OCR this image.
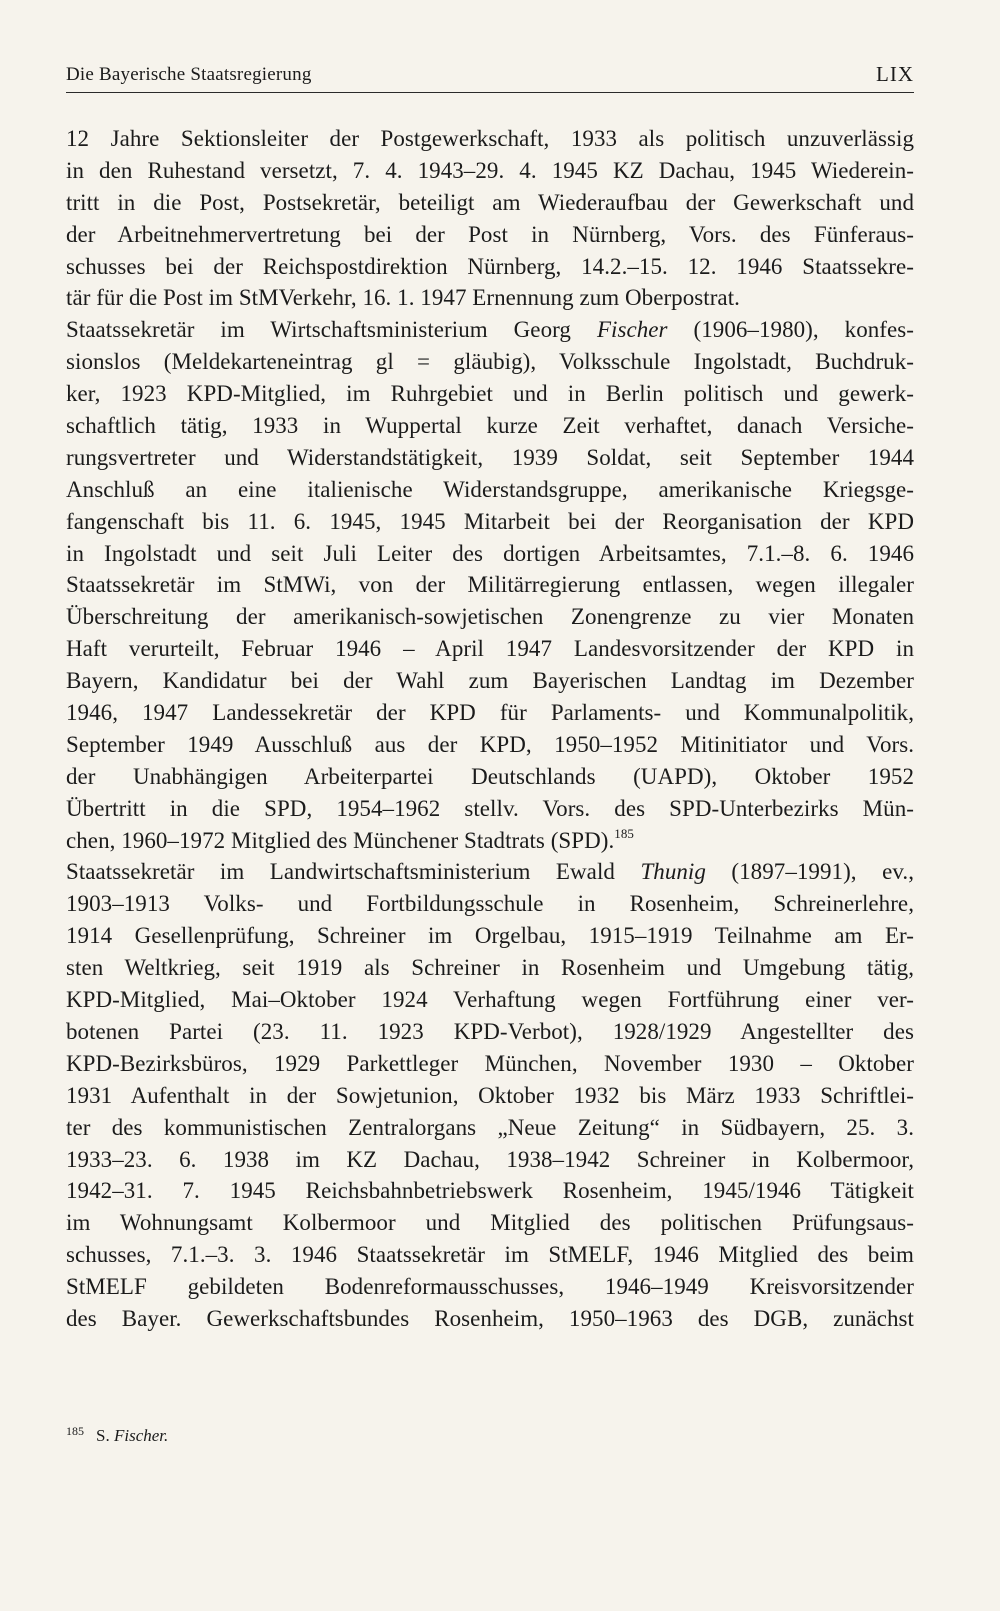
Die Bayerische Staatsregierung	LIX
12 Jahre Sektionsleiter der Postgewerkschaft, 1933 als politisch unzuverlässig
in den Ruhestand versetzt, 7. 4. 1943–29. 4. 1945 KZ Dachau, 1945 Wiederein-
tritt in die Post, Postsekretär, beteiligt am Wiederaufbau der Gewerkschaft und
der Arbeitnehmervertretung bei der Post in Nürnberg, Vors. des Fünferaus-
schusses bei der Reichspostdirektion Nürnberg, 14.2.–15. 12. 1946 Staatssekre-
tär für die Post im StMVerkehr, 16. 1. 1947 Ernennung zum Oberpostrat.
Staatssekretär im Wirtschaftsministerium Georg Fischer (1906–1980), konfes-
sionslos (Meldekarteneintrag gl = gläubig), Volksschule Ingolstadt, Buchdruk-
ker, 1923 KPD-Mitglied, im Ruhrgebiet und in Berlin politisch und gewerk-
schaftlich tätig, 1933 in Wuppertal kurze Zeit verhaftet, danach Versiche-
rungsvertreter und Widerstandstätigkeit, 1939 Soldat, seit September 1944
Anschluß an eine italienische Widerstandsgruppe, amerikanische Kriegsge-
fangenschaft bis 11. 6. 1945, 1945 Mitarbeit bei der Reorganisation der KPD
in Ingolstadt und seit Juli Leiter des dortigen Arbeitsamtes, 7.1.–8. 6. 1946
Staatssekretär im StMWi, von der Militärregierung entlassen, wegen illegaler
Überschreitung der amerikanisch-sowjetischen Zonengrenze zu vier Monaten
Haft verurteilt, Februar 1946 – April 1947 Landesvorsitzender der KPD in
Bayern, Kandidatur bei der Wahl zum Bayerischen Landtag im Dezember
1946, 1947 Landessekretär der KPD für Parlaments- und Kommunalpolitik,
September 1949 Ausschluß aus der KPD, 1950–1952 Mitinitiator und Vors.
der Unabhängigen Arbeiterpartei Deutschlands (UAPD), Oktober 1952
Übertritt in die SPD, 1954–1962 stellv. Vors. des SPD-Unterbezirks Mün-
chen, 1960–1972 Mitglied des Münchener Stadtrats (SPD).$^{185}$
Staatssekretär im Landwirtschaftsministerium Ewald Thunig (1897–1991), ev.,
1903–1913 Volks- und Fortbildungsschule in Rosenheim, Schreinerlehre,
1914 Gesellenprüfung, Schreiner im Orgelbau, 1915–1919 Teilnahme am Er-
sten Weltkrieg, seit 1919 als Schreiner in Rosenheim und Umgebung tätig,
KPD-Mitglied, Mai–Oktober 1924 Verhaftung wegen Fortführung einer ver-
botenen Partei (23. 11. 1923 KPD-Verbot), 1928/1929 Angestellter des
KPD-Bezirksbüros, 1929 Parkettleger München, November 1930 – Oktober
1931 Aufenthalt in der Sowjetunion, Oktober 1932 bis März 1933 Schriftlei-
ter des kommunistischen Zentralorgans „Neue Zeitung“ in Südbayern, 25. 3.
1933–23. 6. 1938 im KZ Dachau, 1938–1942 Schreiner in Kolbermoor,
1942–31. 7. 1945 Reichsbahnbetriebswerk Rosenheim, 1945/1946 Tätigkeit
im Wohnungsamt Kolbermoor und Mitglied des politischen Prüfungsaus-
schusses, 7.1.–3. 3. 1946 Staatssekretär im StMELF, 1946 Mitglied des beim
StMELF gebildeten Bodenreformausschusses, 1946–1949 Kreisvorsitzender
des Bayer. Gewerkschaftsbundes Rosenheim, 1950–1963 des DGB, zunächst
$^{185}$ S. Fischer.
